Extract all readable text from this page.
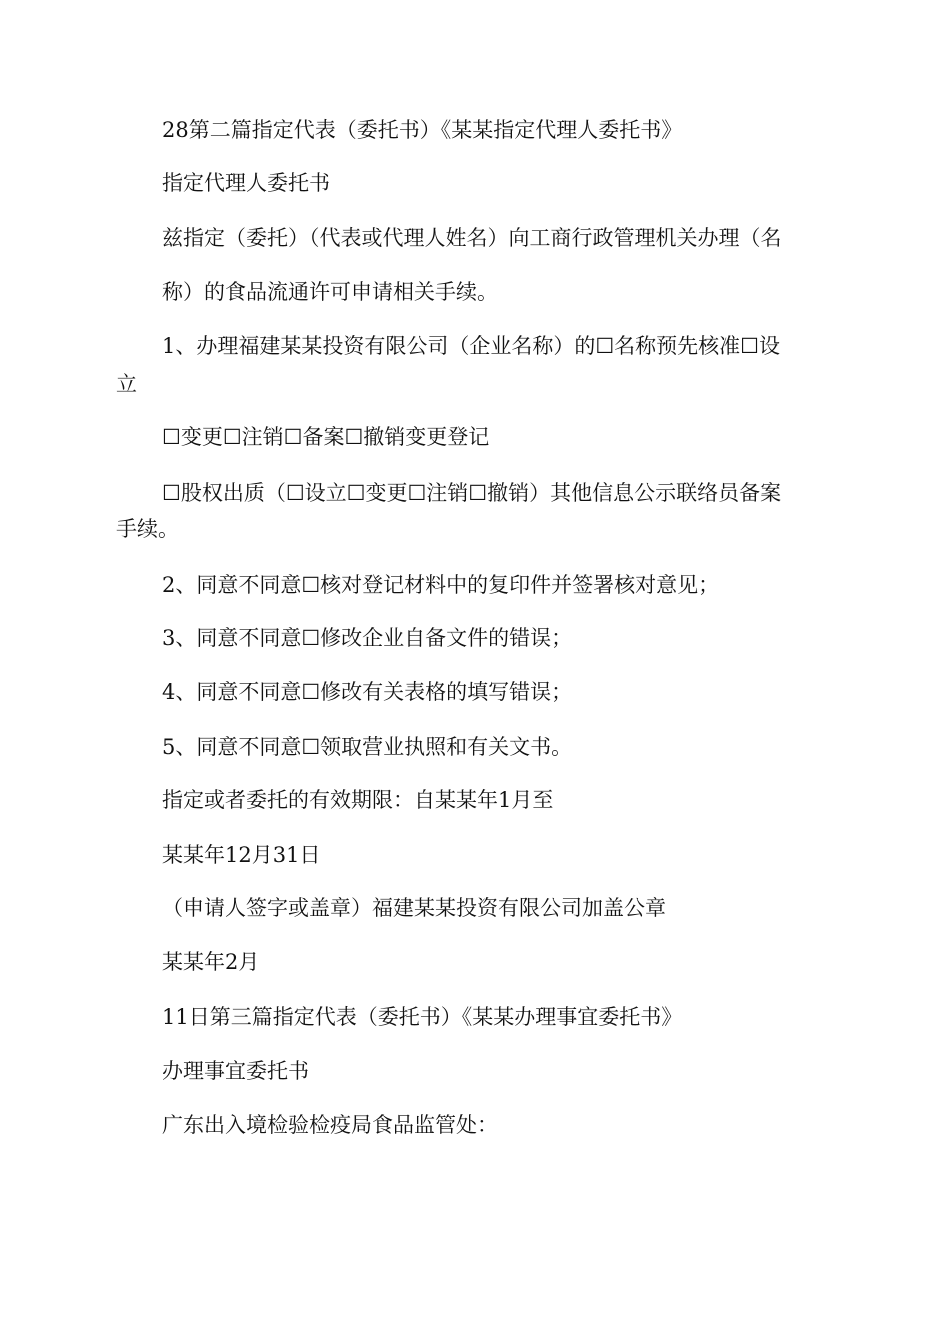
28第二篇指定代表（委托书）《某某指定代理人委托书》
指定代理人委托书
兹指定（委托）（代表或代理人姓名）向工商行政管理机关办理（名
称）的食品流通许可申请相关手续。
1、办理福建某某投资有限公司（企业名称）的☐名称预先核准☐设
立
☐变更☐注销☐备案☐撤销变更登记
☐股权出质（☐设立☐变更☐注销☐撤销）其他信息公示联络员备案
手续。
2、同意不同意☐核对登记材料中的复印件并签署核对意见；
3、同意不同意☐修改企业自备文件的错误；
4、同意不同意☐修改有关表格的填写错误；
5、同意不同意☐领取营业执照和有关文书。
指定或者委托的有效期限：自某某年1月至
某某年12月31日
（申请人签字或盖章）福建某某投资有限公司加盖公章
某某年2月
11日第三篇指定代表（委托书）《某某办理事宜委托书》
办理事宜委托书
广东出入境检验检疫局食品监管处：
